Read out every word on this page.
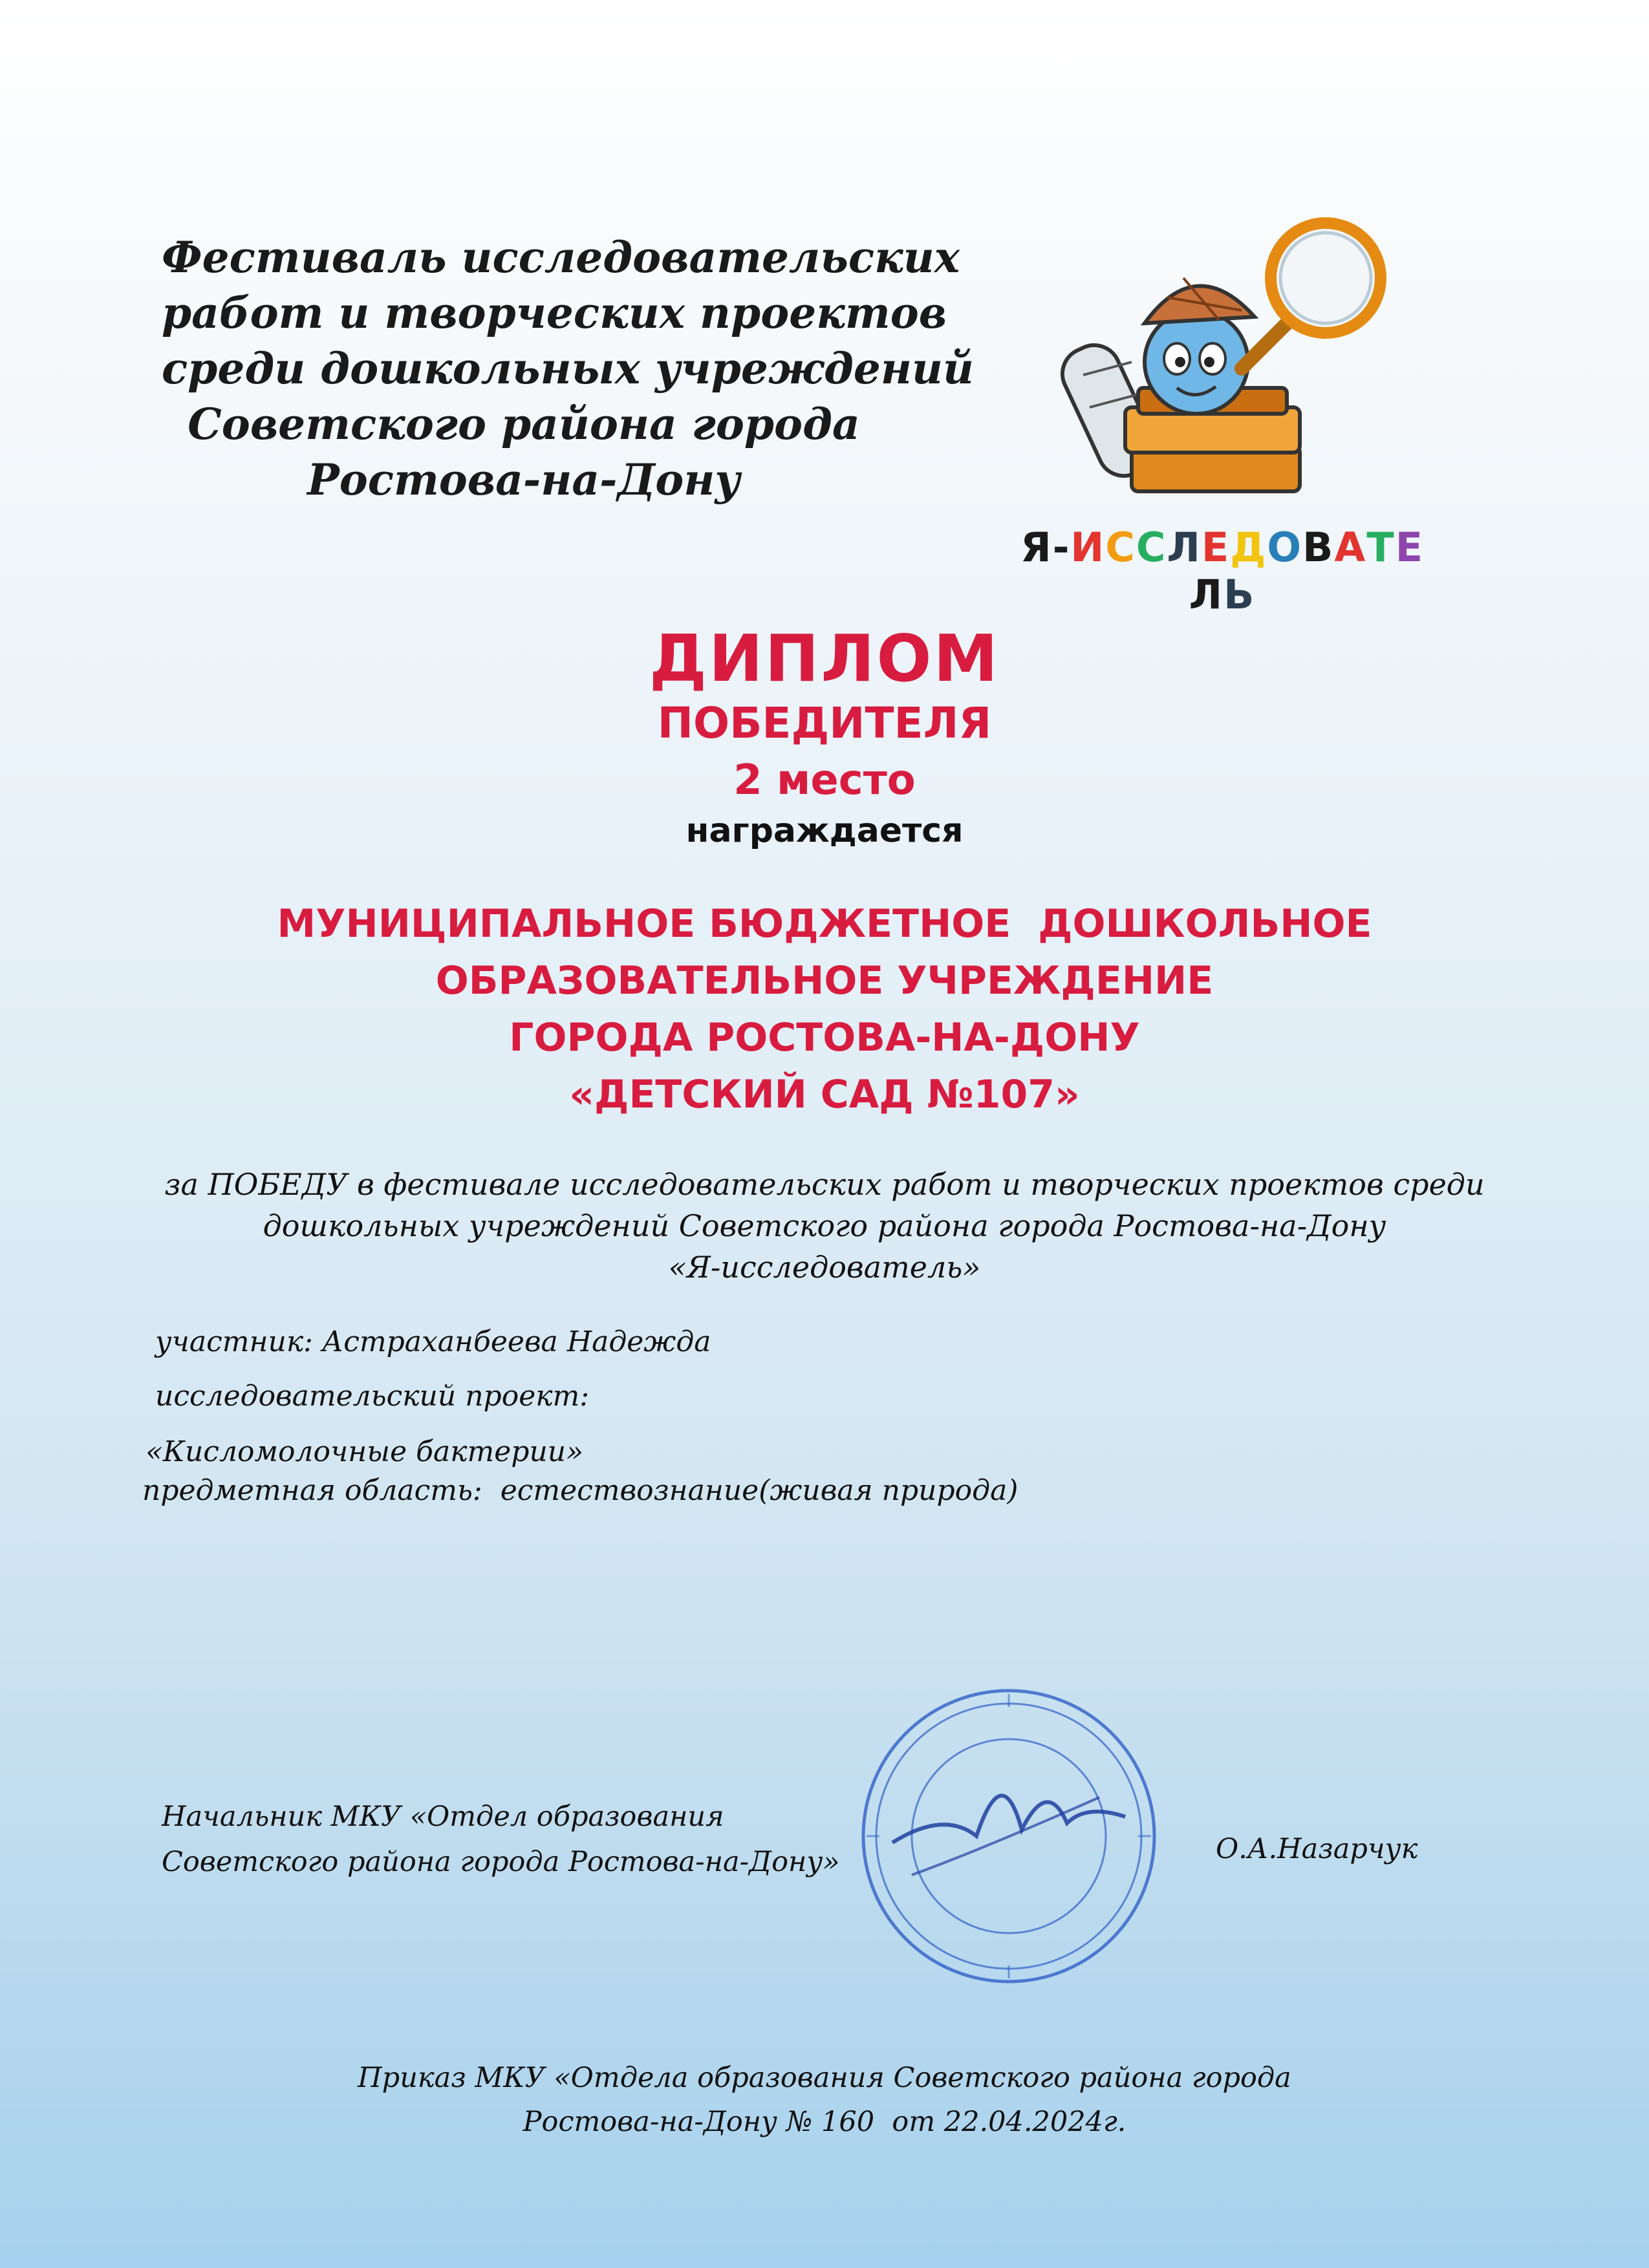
Фестиваль исследовательских
работ и творческих проектов
среди дошкольных учреждений
Советского района города
Ростова-на-Дону
Я-ИССЛЕДОВАТЕЛЬ
ДИПЛОМ
ПОБЕДИТЕЛЯ
2 место
награждается
МУНИЦИПАЛЬНОЕ БЮДЖЕТНОЕ  ДОШКОЛЬНОЕ
ОБРАЗОВАТЕЛЬНОЕ УЧРЕЖДЕНИЕ
ГОРОДА РОСТОВА-НА-ДОНУ
«ДЕТСКИЙ САД №107»
за ПОБЕДУ в фестивале исследовательских работ и творческих проектов среди
дошкольных учреждений Советского района города Ростова-на-Дону
«Я-исследователь»
участник: Астраханбеева Надежда
исследовательский проект:
«Кисломолочные бактерии»
предметная область:  естествознание(живая природа)
Начальник МКУ «Отдел образования
Советского района города Ростова-на-Дону»	О.А.Назарчук
Приказ МКУ «Отдела образования Советского района города
Ростова-на-Дону № 160  от 22.04.2024г.
